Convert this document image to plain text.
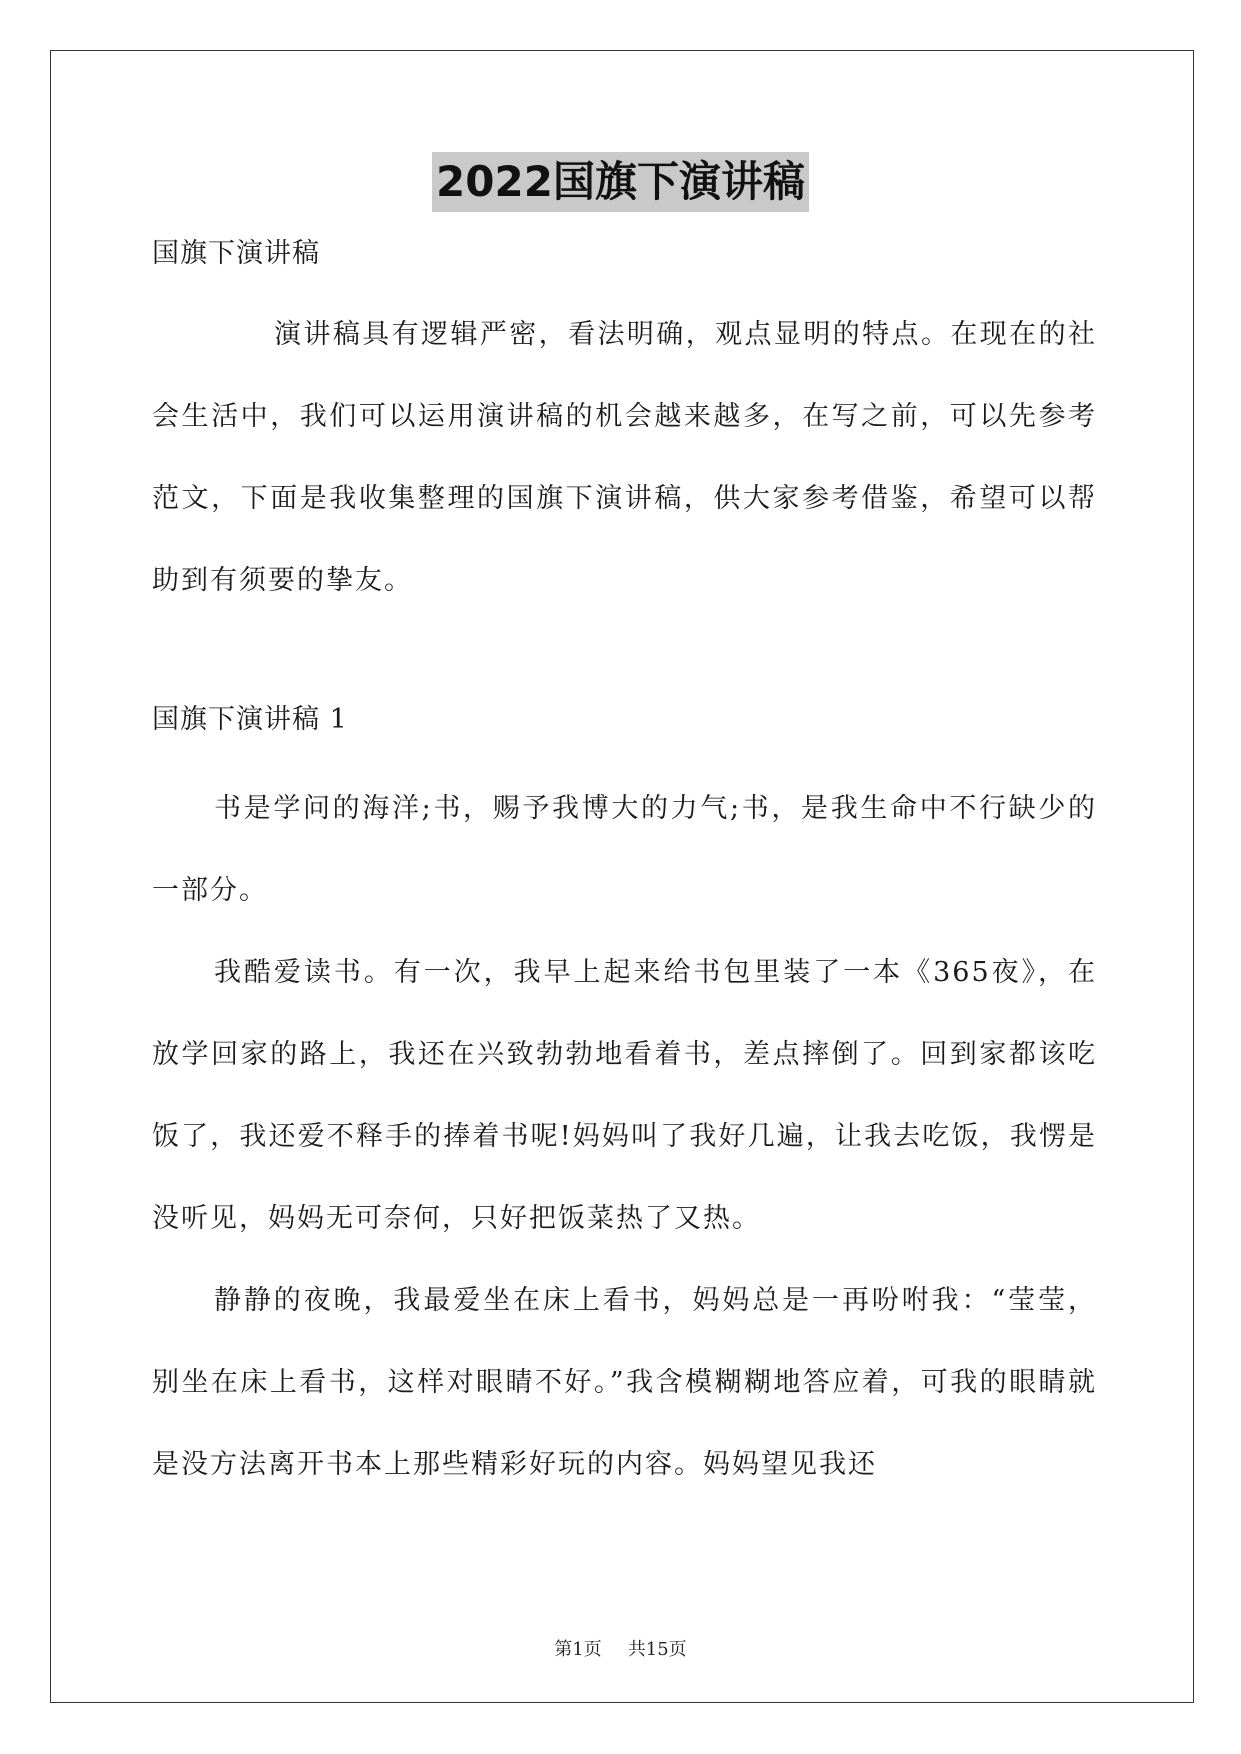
2022国旗下演讲稿

国旗下演讲稿

演讲稿具有逻辑严密，看法明确，观点显明的特点。在现在的社会生活中，我们可以运用演讲稿的机会越来越多，在写之前，可以先参考范文，下面是我收集整理的国旗下演讲稿，供大家参考借鉴，希望可以帮助到有须要的挚友。

国旗下演讲稿 1

书是学问的海洋;书，赐予我博大的力气;书，是我生命中不行缺少的一部分。

我酷爱读书。有一次，我早上起来给书包里装了一本《365夜》，在放学回家的路上，我还在兴致勃勃地看着书，差点摔倒了。回到家都该吃饭了，我还爱不释手的捧着书呢!妈妈叫了我好几遍，让我去吃饭，我愣是没听见，妈妈无可奈何，只好把饭菜热了又热。

静静的夜晚，我最爱坐在床上看书，妈妈总是一再吩咐我：“莹莹，别坐在床上看书，这样对眼睛不好。”我含模糊糊地答应着，可我的眼睛就是没方法离开书本上那些精彩好玩的内容。妈妈望见我还

第1页 共15页
